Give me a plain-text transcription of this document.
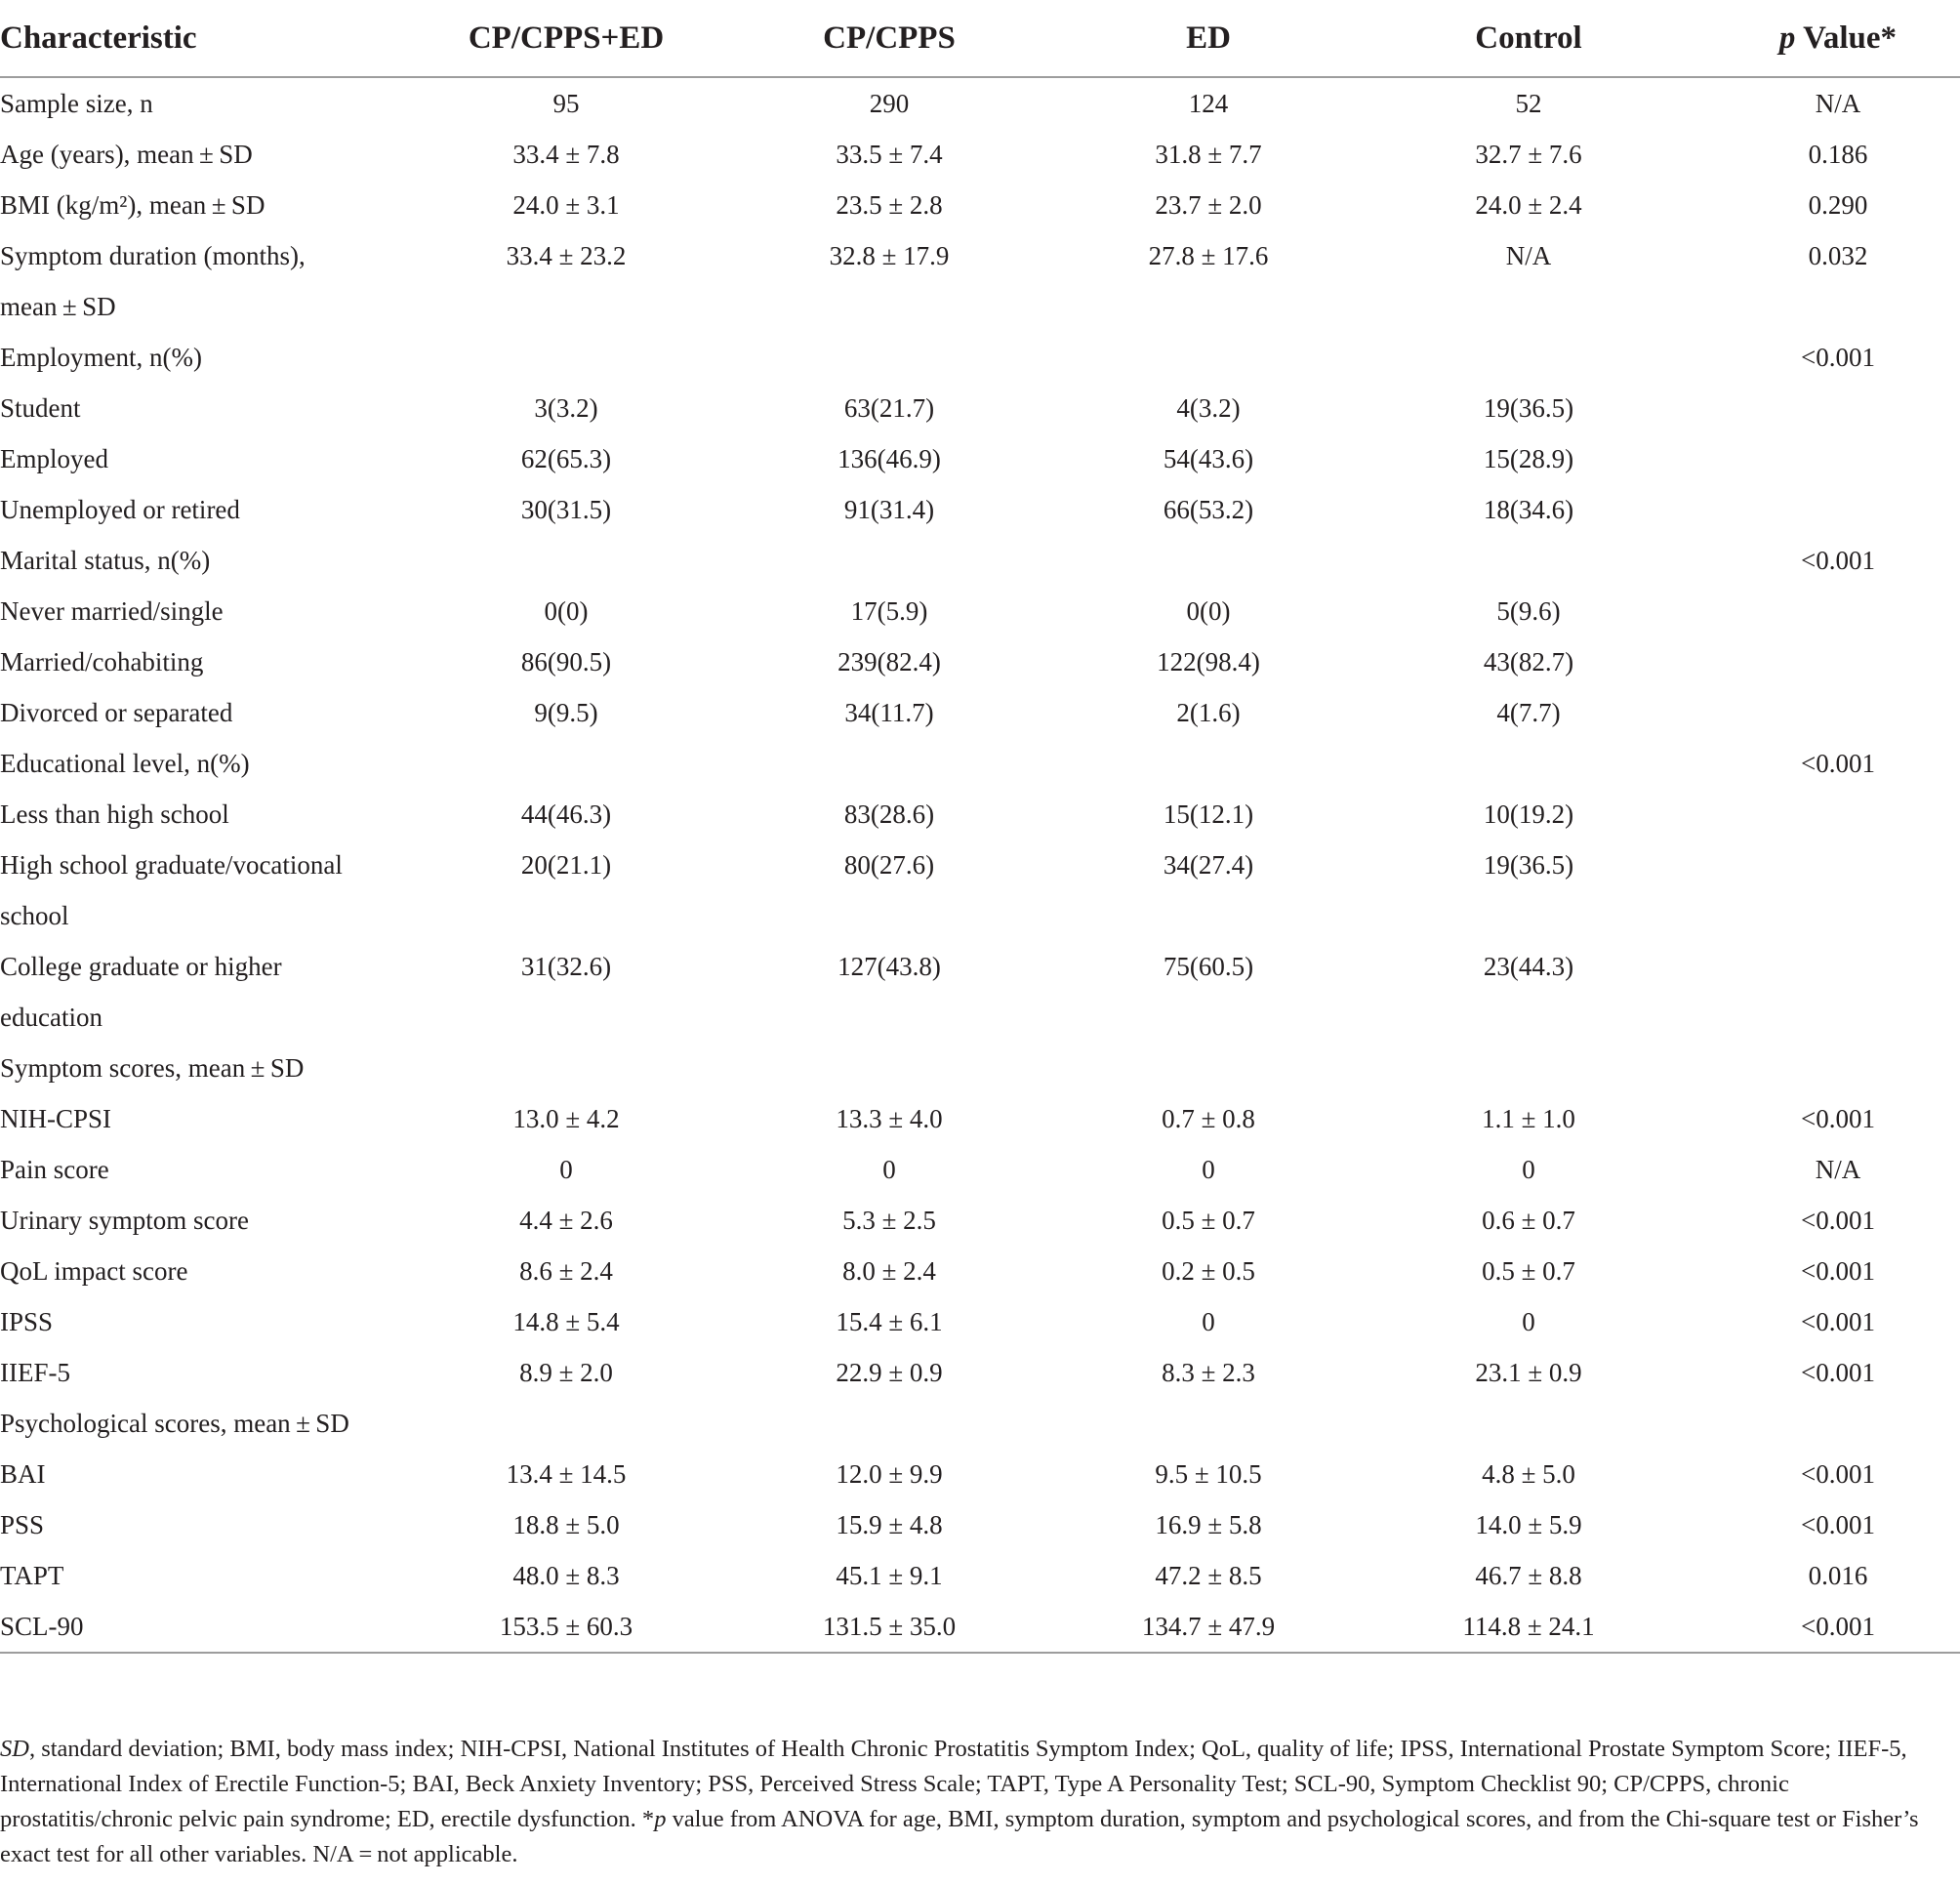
Characteristic	CP/CPPS+ED	CP/CPPS	ED	Control	p Value*
Sample size, n	95	290	124	52	N/A
Age (years), mean ± SD	33.4 ± 7.8	33.5 ± 7.4	31.8 ± 7.7	32.7 ± 7.6	0.186
BMI (kg/m²), mean ± SD	24.0 ± 3.1	23.5 ± 2.8	23.7 ± 2.0	24.0 ± 2.4	0.290
Symptom duration (months),	33.4 ± 23.2	32.8 ± 17.9	27.8 ± 17.6	N/A	0.032
mean ± SD					
Employment, n(%)					<0.001
Student	3(3.2)	63(21.7)	4(3.2)	19(36.5)	
Employed	62(65.3)	136(46.9)	54(43.6)	15(28.9)	
Unemployed or retired	30(31.5)	91(31.4)	66(53.2)	18(34.6)	
Marital status, n(%)					<0.001
Never married/single	0(0)	17(5.9)	0(0)	5(9.6)	
Married/cohabiting	86(90.5)	239(82.4)	122(98.4)	43(82.7)	
Divorced or separated	9(9.5)	34(11.7)	2(1.6)	4(7.7)	
Educational level, n(%)					<0.001
Less than high school	44(46.3)	83(28.6)	15(12.1)	10(19.2)	
High school graduate/vocational	20(21.1)	80(27.6)	34(27.4)	19(36.5)	
school					
College graduate or higher	31(32.6)	127(43.8)	75(60.5)	23(44.3)	
education					
Symptom scores, mean ± SD					
NIH-CPSI	13.0 ± 4.2	13.3 ± 4.0	0.7 ± 0.8	1.1 ± 1.0	<0.001
Pain score	0	0	0	0	N/A
Urinary symptom score	4.4 ± 2.6	5.3 ± 2.5	0.5 ± 0.7	0.6 ± 0.7	<0.001
QoL impact score	8.6 ± 2.4	8.0 ± 2.4	0.2 ± 0.5	0.5 ± 0.7	<0.001
IPSS	14.8 ± 5.4	15.4 ± 6.1	0	0	<0.001
IIEF-5	8.9 ± 2.0	22.9 ± 0.9	8.3 ± 2.3	23.1 ± 0.9	<0.001
Psychological scores, mean ± SD					
BAI	13.4 ± 14.5	12.0 ± 9.9	9.5 ± 10.5	4.8 ± 5.0	<0.001
PSS	18.8 ± 5.0	15.9 ± 4.8	16.9 ± 5.8	14.0 ± 5.9	<0.001
TAPT	48.0 ± 8.3	45.1 ± 9.1	47.2 ± 8.5	46.7 ± 8.8	0.016
SCL-90	153.5 ± 60.3	131.5 ± 35.0	134.7 ± 47.9	114.8 ± 24.1	<0.001
SD, standard deviation; BMI, body mass index; NIH-CPSI, National Institutes of Health Chronic Prostatitis Symptom Index; QoL, quality of life; IPSS, International Prostate Symptom Score; IIEF-5, International Index of Erectile Function-5; BAI, Beck Anxiety Inventory; PSS, Perceived Stress Scale; TAPT, Type A Personality Test; SCL-90, Symptom Checklist 90; CP/CPPS, chronic prostatitis/chronic pelvic pain syndrome; ED, erectile dysfunction. *p value from ANOVA for age, BMI, symptom duration, symptom and psychological scores, and from the Chi-square test or Fisher’s exact test for all other variables. N/A = not applicable.
